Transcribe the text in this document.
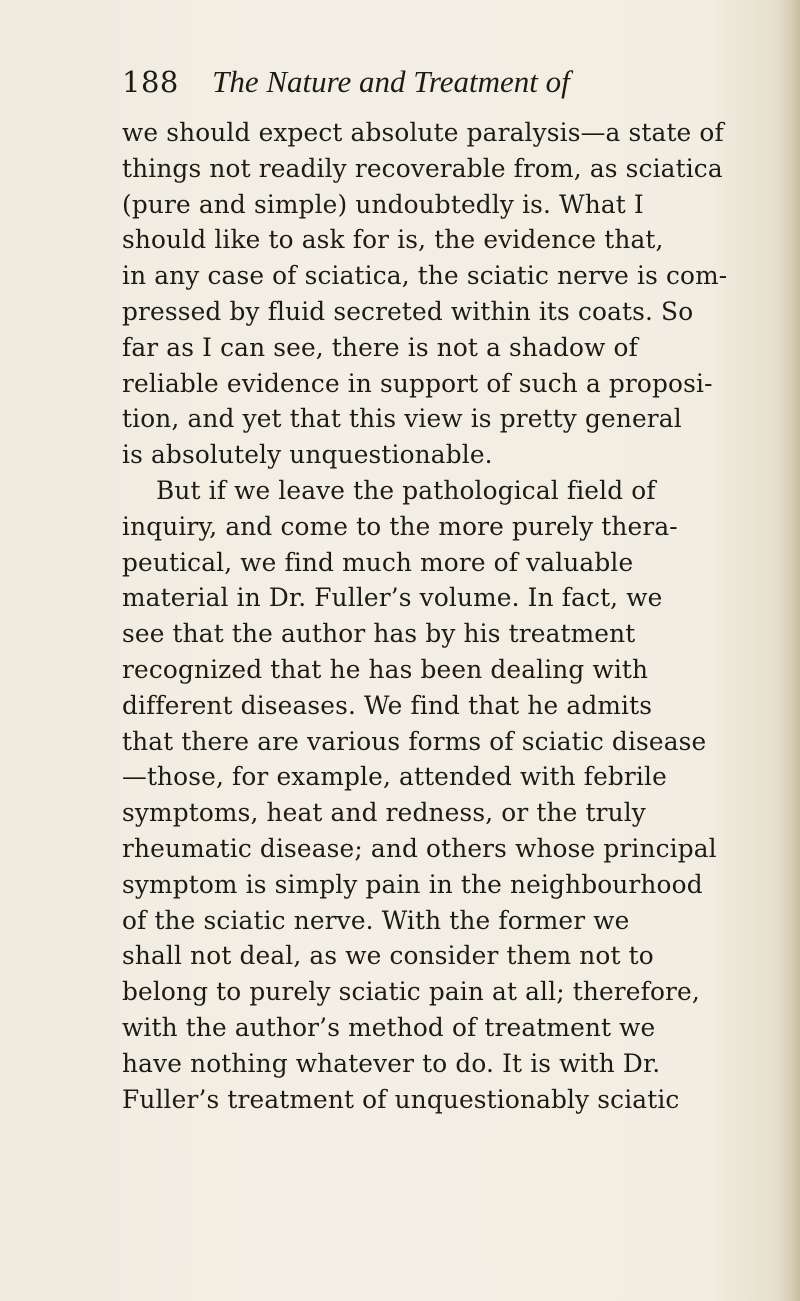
188 The Nature and Treatment of
we should expect absolute paralysis—a state of
things not readily recoverable from, as sciatica
(pure and simple) undoubtedly is. What I
should like to ask for is, the evidence that,
in any case of sciatica, the sciatic nerve is com-
pressed by fluid secreted within its coats. So
far as I can see, there is not a shadow of
reliable evidence in support of such a proposi-
tion, and yet that this view is pretty general
is absolutely unquestionable.
But if we leave the pathological field of
inquiry, and come to the more purely thera-
peutical, we find much more of valuable
material in Dr. Fuller’s volume. In fact, we
see that the author has by his treatment
recognized that he has been dealing with
different diseases. We find that he admits
that there are various forms of sciatic disease
—those, for example, attended with febrile
symptoms, heat and redness, or the truly
rheumatic disease; and others whose principal
symptom is simply pain in the neighbourhood
of the sciatic nerve. With the former we
shall not deal, as we consider them not to
belong to purely sciatic pain at all; therefore,
with the author’s method of treatment we
have nothing whatever to do. It is with Dr.
Fuller’s treatment of unquestionably sciatic
